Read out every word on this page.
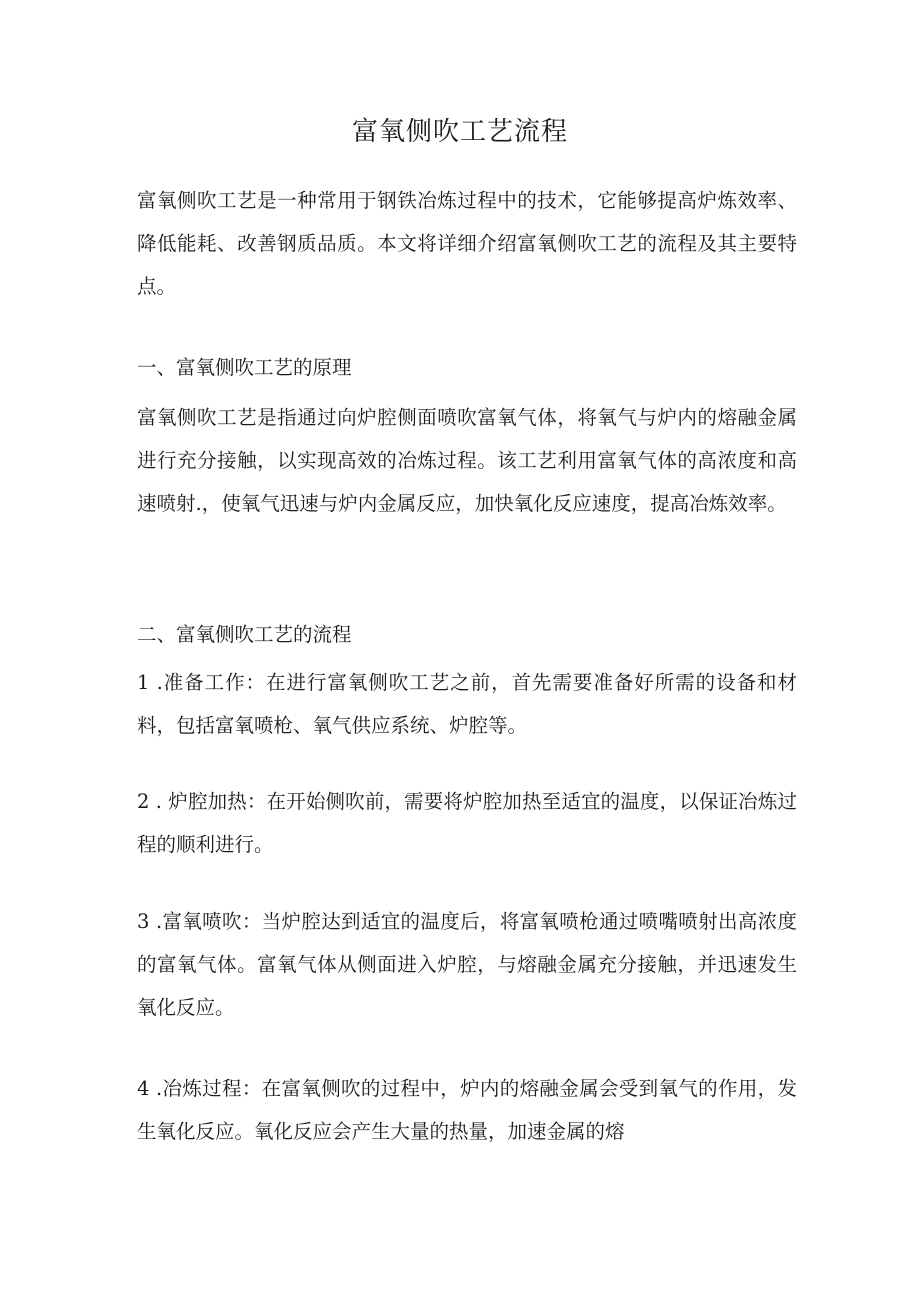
富氧侧吹工艺流程

富氧侧吹工艺是一种常用于钢铁冶炼过程中的技术，它能够提高炉炼效率、降低能耗、改善钢质品质。本文将详细介绍富氧侧吹工艺的流程及其主要特点。

一、富氧侧吹工艺的原理

富氧侧吹工艺是指通过向炉腔侧面喷吹富氧气体，将氧气与炉内的熔融金属进行充分接触，以实现高效的冶炼过程。该工艺利用富氧气体的高浓度和高速喷射.，使氧气迅速与炉内金属反应，加快氧化反应速度，提高冶炼效率。

二、富氧侧吹工艺的流程

1 .准备工作：在进行富氧侧吹工艺之前，首先需要准备好所需的设备和材料，包括富氧喷枪、氧气供应系统、炉腔等。

2 . 炉腔加热：在开始侧吹前，需要将炉腔加热至适宜的温度，以保证冶炼过程的顺利进行。

3 .富氧喷吹：当炉腔达到适宜的温度后，将富氧喷枪通过喷嘴喷射出高浓度的富氧气体。富氧气体从侧面进入炉腔，与熔融金属充分接触，并迅速发生氧化反应。

4 .冶炼过程：在富氧侧吹的过程中，炉内的熔融金属会受到氧气的作用，发生氧化反应。氧化反应会产生大量的热量，加速金属的熔
